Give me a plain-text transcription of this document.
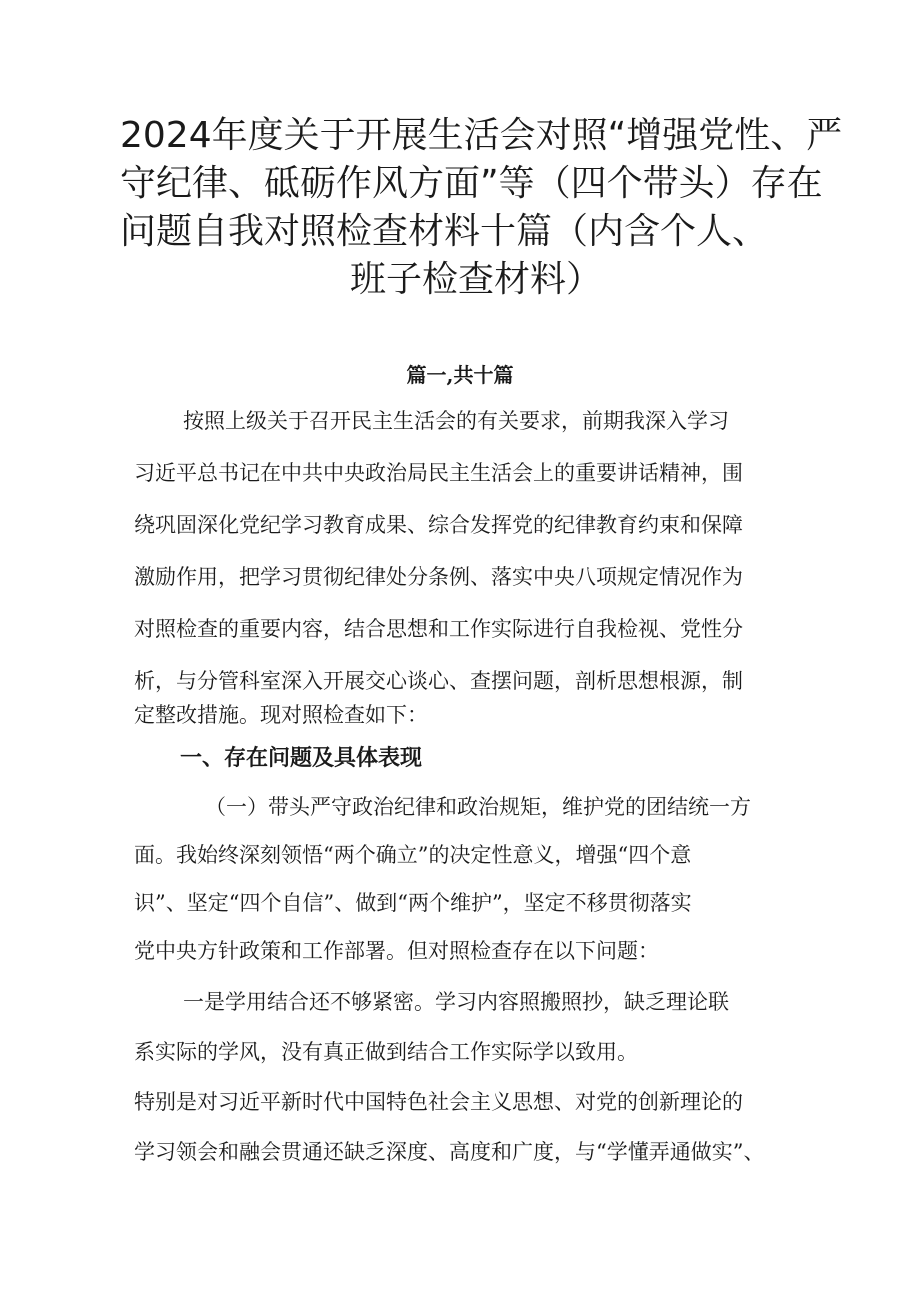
2024年度关于开展生活会对照“增强党性、严
守纪律、砥砺作风方面”等（四个带头）存在
问题自我对照检查材料十篇（内含个人、
班子检查材料）
篇一,共十篇
按照上级关于召开民主生活会的有关要求，前期我深入学习
习近平总书记在中共中央政治局民主生活会上的重要讲话精神，围
绕巩固深化党纪学习教育成果、综合发挥党的纪律教育约束和保障
激励作用，把学习贯彻纪律处分条例、落实中央八项规定情况作为
对照检查的重要内容，结合思想和工作实际进行自我检视、党性分
析，与分管科室深入开展交心谈心、查摆问题，剖析思想根源，制
定整改措施。现对照检查如下：
一、存在问题及具体表现
（一）带头严守政治纪律和政治规矩，维护党的团结统一方
面。我始终深刻领悟“两个确立”的决定性意义，增强“四个意
识”、坚定“四个自信”、做到“两个维护”，坚定不移贯彻落实
党中央方针政策和工作部署。但对照检查存在以下问题：
一是学用结合还不够紧密。学习内容照搬照抄，缺乏理论联
系实际的学风，没有真正做到结合工作实际学以致用。
特别是对习近平新时代中国特色社会主义思想、对党的创新理论的
学习领会和融会贯通还缺乏深度、高度和广度，与“学懂弄通做实”、
